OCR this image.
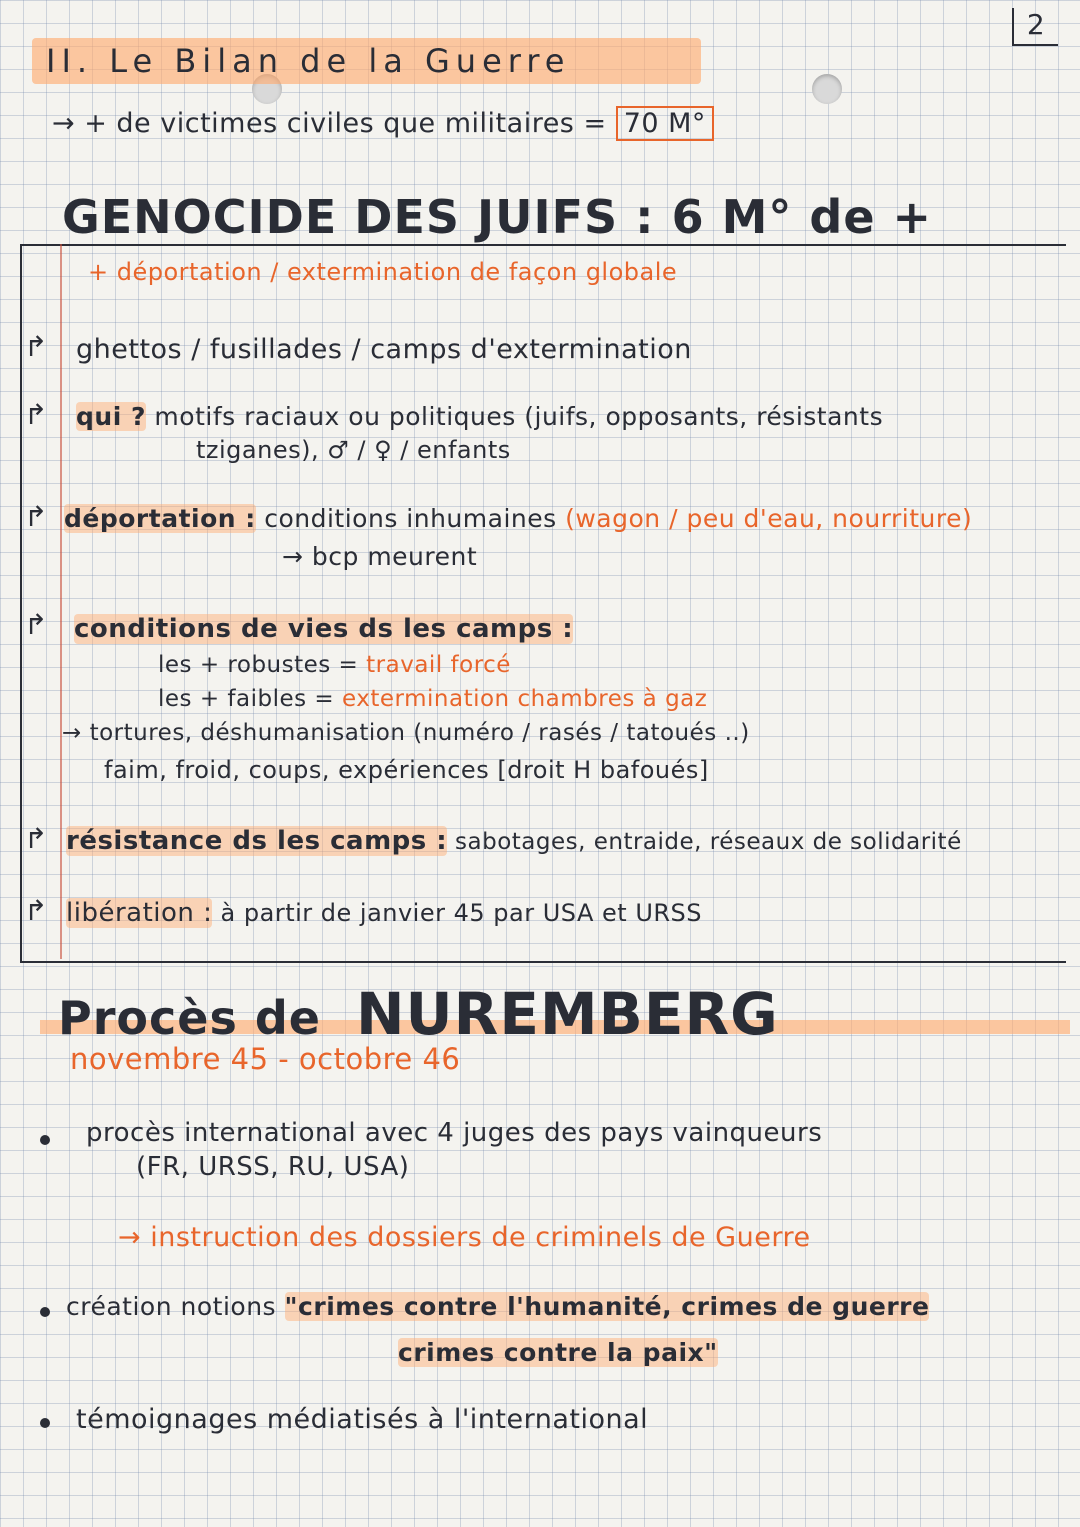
2
II. Le Bilan de la Guerre
→ + de victimes civiles que militaires = 70 M°
GENOCIDE DES JUIFS : 6 M° de +
+ déportation / extermination de façon globale
↱ ghettos / fusillades / camps d'extermination
↱ qui ? motifs raciaux ou politiques (juifs, opposants, résistants
tziganes), ♂ / ♀ / enfants
↱ déportation : conditions inhumaines (wagon / peu d'eau, nourriture)
→ bcp meurent
↱ conditions de vies ds les camps :
les + robustes = travail forcé
les + faibles = extermination chambres à gaz
→ tortures, déshumanisation (numéro / rasés / tatoués ..)
faim, froid, coups, expériences [droit H bafoués]
↱ résistance ds les camps : sabotages, entraide, réseaux de solidarité
↱ libération : à partir de janvier 45 par USA et URSS
Procès de NUREMBERG
novembre 45 - octobre 46
procès international avec 4 juges des pays vainqueurs
(FR, URSS, RU, USA)
→ instruction des dossiers de criminels de Guerre
création notions "crimes contre l'humanité, crimes de guerre
crimes contre la paix"
témoignages médiatisés à l'international
